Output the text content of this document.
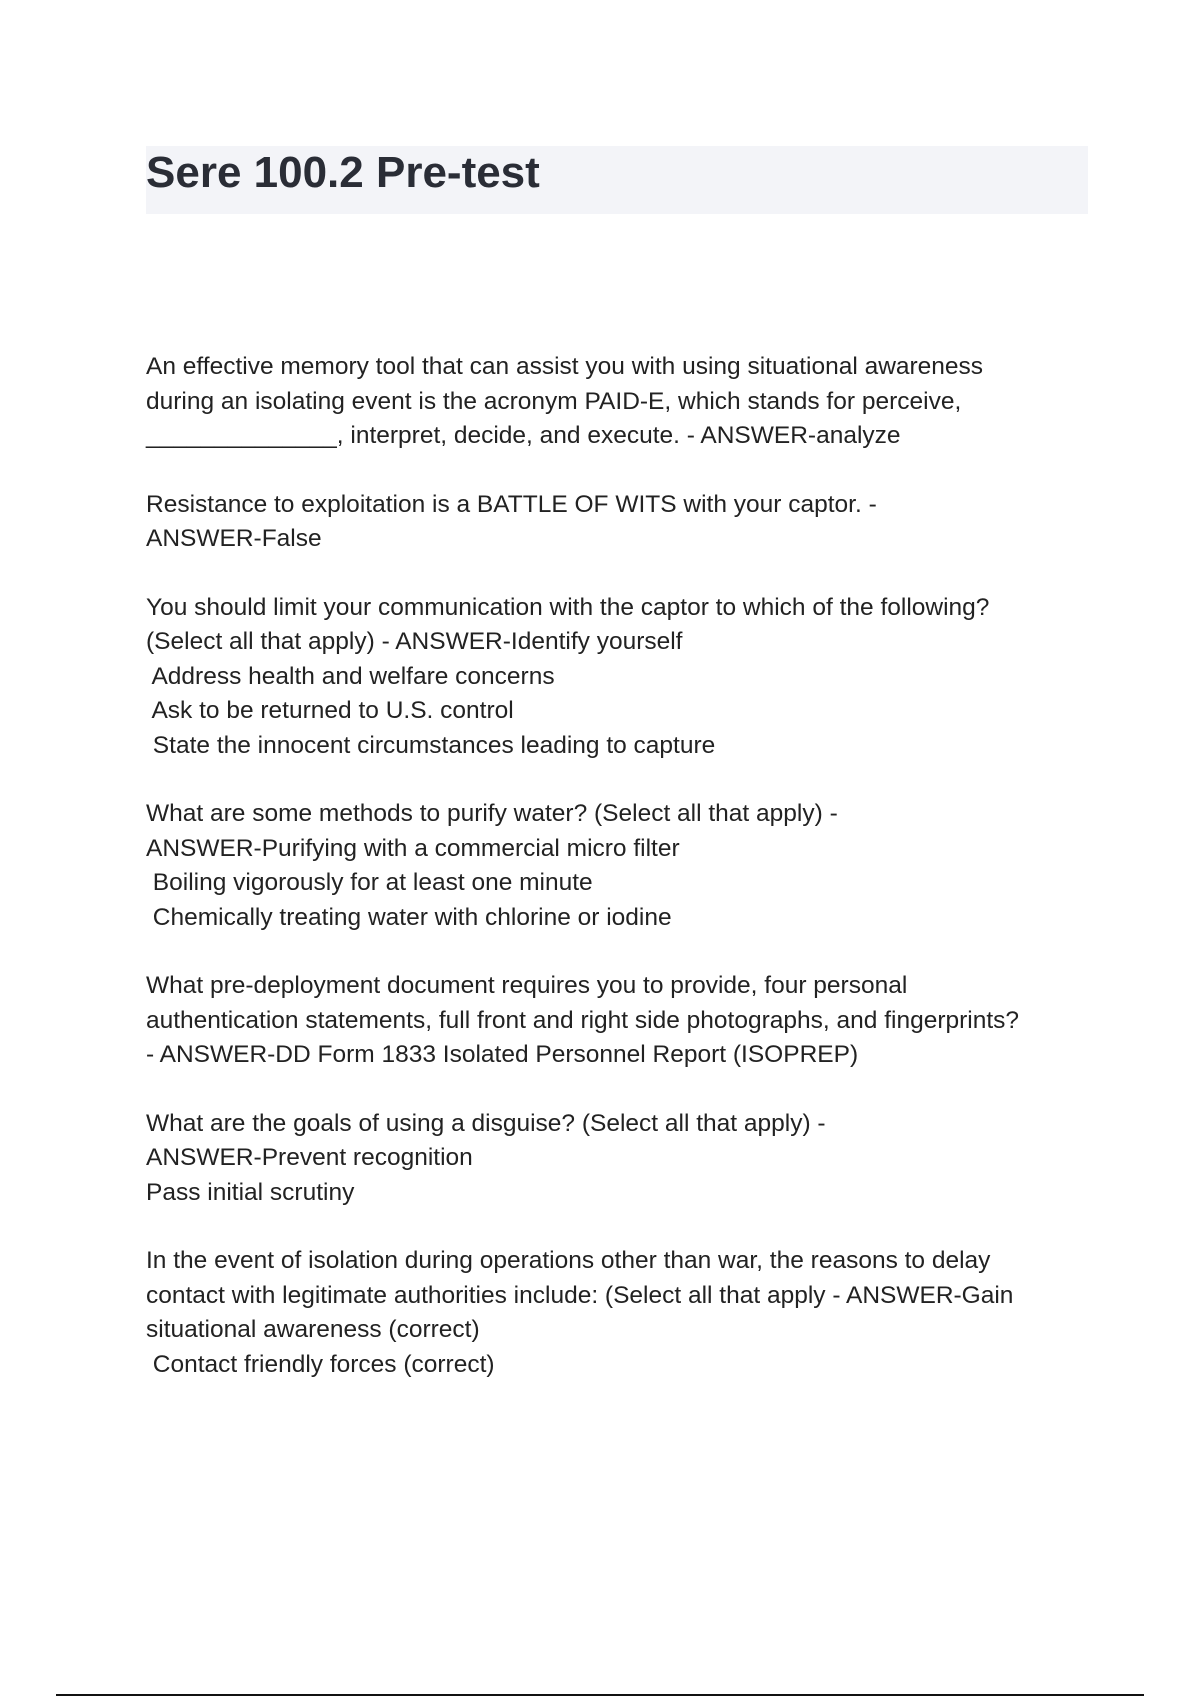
Sere 100.2 Pre-test

An effective memory tool that can assist you with using situational awareness
during an isolating event is the acronym PAID-E, which stands for perceive,
______________, interpret, decide, and execute. - ANSWER-analyze

Resistance to exploitation is a BATTLE OF WITS with your captor. -
ANSWER-False

You should limit your communication with the captor to which of the following?
(Select all that apply) - ANSWER-Identify yourself
Address health and welfare concerns
Ask to be returned to U.S. control
State the innocent circumstances leading to capture

What are some methods to purify water? (Select all that apply) -
ANSWER-Purifying with a commercial micro filter
Boiling vigorously for at least one minute
Chemically treating water with chlorine or iodine

What pre-deployment document requires you to provide, four personal
authentication statements, full front and right side photographs, and fingerprints?
- ANSWER-DD Form 1833 Isolated Personnel Report (ISOPREP)

What are the goals of using a disguise? (Select all that apply) -
ANSWER-Prevent recognition
Pass initial scrutiny

In the event of isolation during operations other than war, the reasons to delay
contact with legitimate authorities include: (Select all that apply - ANSWER-Gain
situational awareness (correct)
Contact friendly forces (correct)
